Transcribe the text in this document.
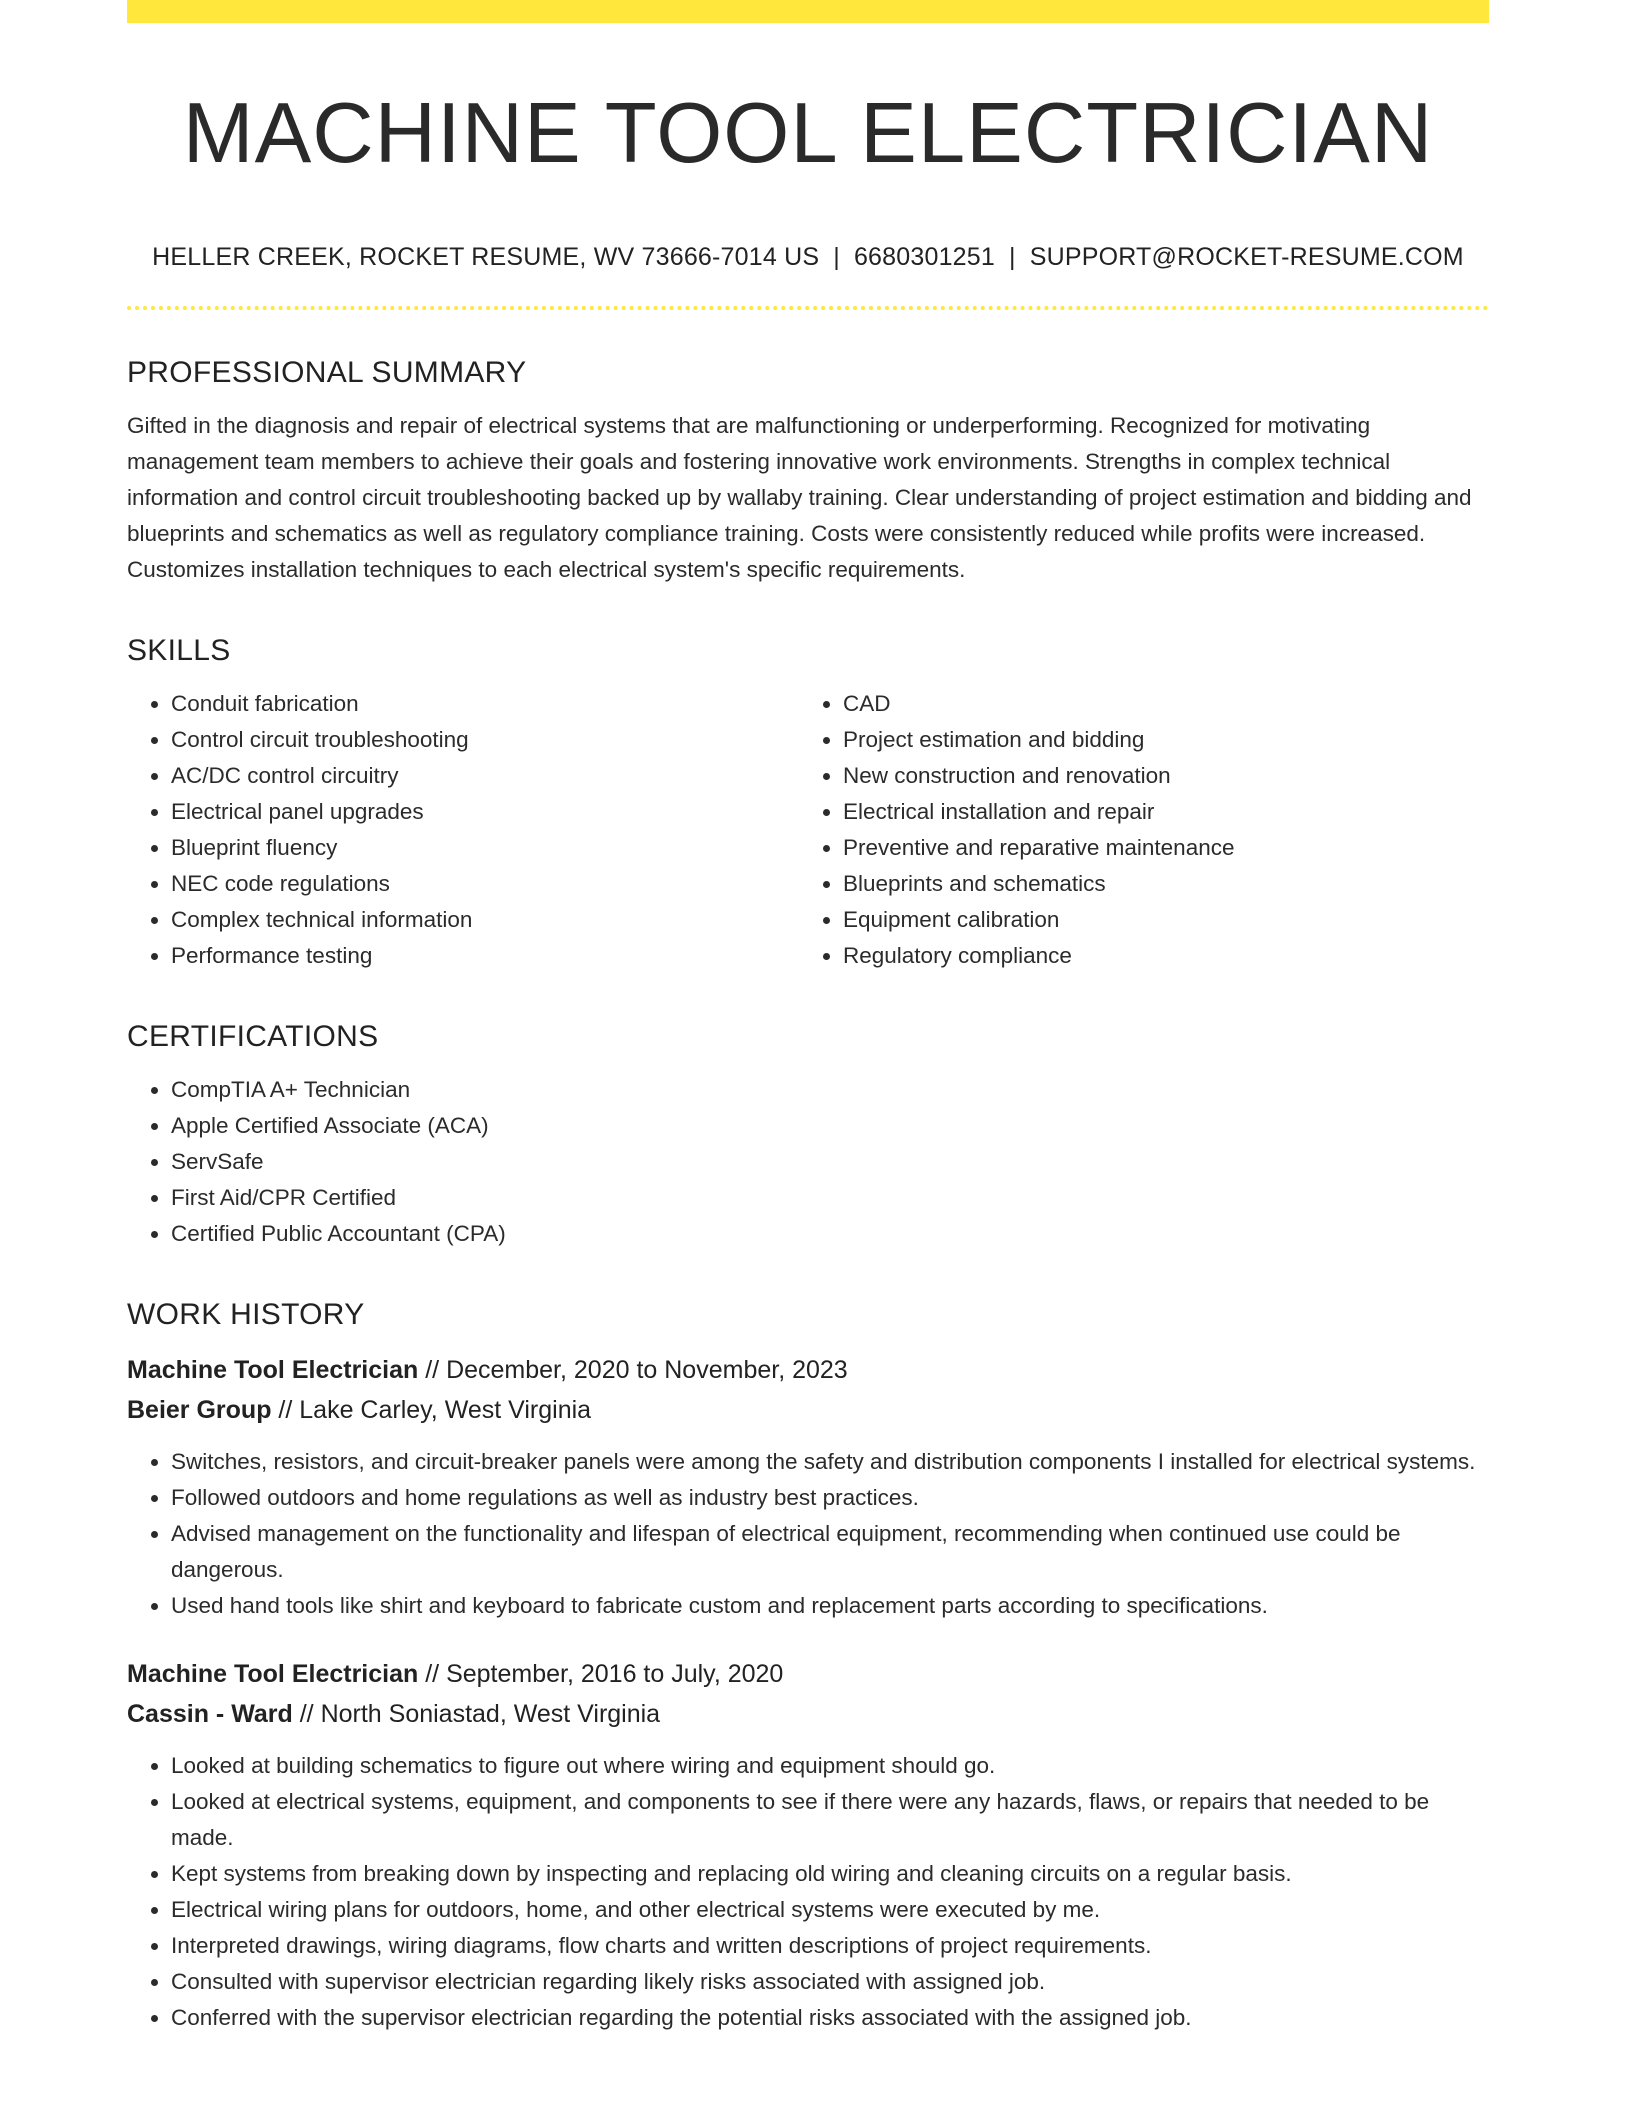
MACHINE TOOL ELECTRICIAN
HELLER CREEK, ROCKET RESUME, WV 73666-7014 US | 6680301251 | SUPPORT@ROCKET-RESUME.COM
PROFESSIONAL SUMMARY

Gifted in the diagnosis and repair of electrical systems that are malfunctioning or underperforming. Recognized for motivating management team members to achieve their goals and fostering innovative work environments. Strengths in complex technical information and control circuit troubleshooting backed up by wallaby training. Clear understanding of project estimation and bidding and blueprints and schematics as well as regulatory compliance training. Costs were consistently reduced while profits were increased. Customizes installation techniques to each electrical system's specific requirements.

SKILLS
• Conduit fabrication
• Control circuit troubleshooting
• AC/DC control circuitry
• Electrical panel upgrades
• Blueprint fluency
• NEC code regulations
• Complex technical information
• Performance testing
• CAD
• Project estimation and bidding
• New construction and renovation
• Electrical installation and repair
• Preventive and reparative maintenance
• Blueprints and schematics
• Equipment calibration
• Regulatory compliance
CERTIFICATIONS
• CompTIA A+ Technician
• Apple Certified Associate (ACA)
• ServSafe
• First Aid/CPR Certified
• Certified Public Accountant (CPA)
WORK HISTORY
Machine Tool Electrician // December, 2020 to November, 2023
Beier Group // Lake Carley, West Virginia
• Switches, resistors, and circuit-breaker panels were among the safety and distribution components I installed for electrical systems.
• Followed outdoors and home regulations as well as industry best practices.
• Advised management on the functionality and lifespan of electrical equipment, recommending when continued use could be dangerous.
• Used hand tools like shirt and keyboard to fabricate custom and replacement parts according to specifications.
Machine Tool Electrician // September, 2016 to July, 2020
Cassin - Ward // North Soniastad, West Virginia
• Looked at building schematics to figure out where wiring and equipment should go.
• Looked at electrical systems, equipment, and components to see if there were any hazards, flaws, or repairs that needed to be made.
• Kept systems from breaking down by inspecting and replacing old wiring and cleaning circuits on a regular basis.
• Electrical wiring plans for outdoors, home, and other electrical systems were executed by me.
• Interpreted drawings, wiring diagrams, flow charts and written descriptions of project requirements.
• Consulted with supervisor electrician regarding likely risks associated with assigned job.
• Conferred with the supervisor electrician regarding the potential risks associated with the assigned job.
